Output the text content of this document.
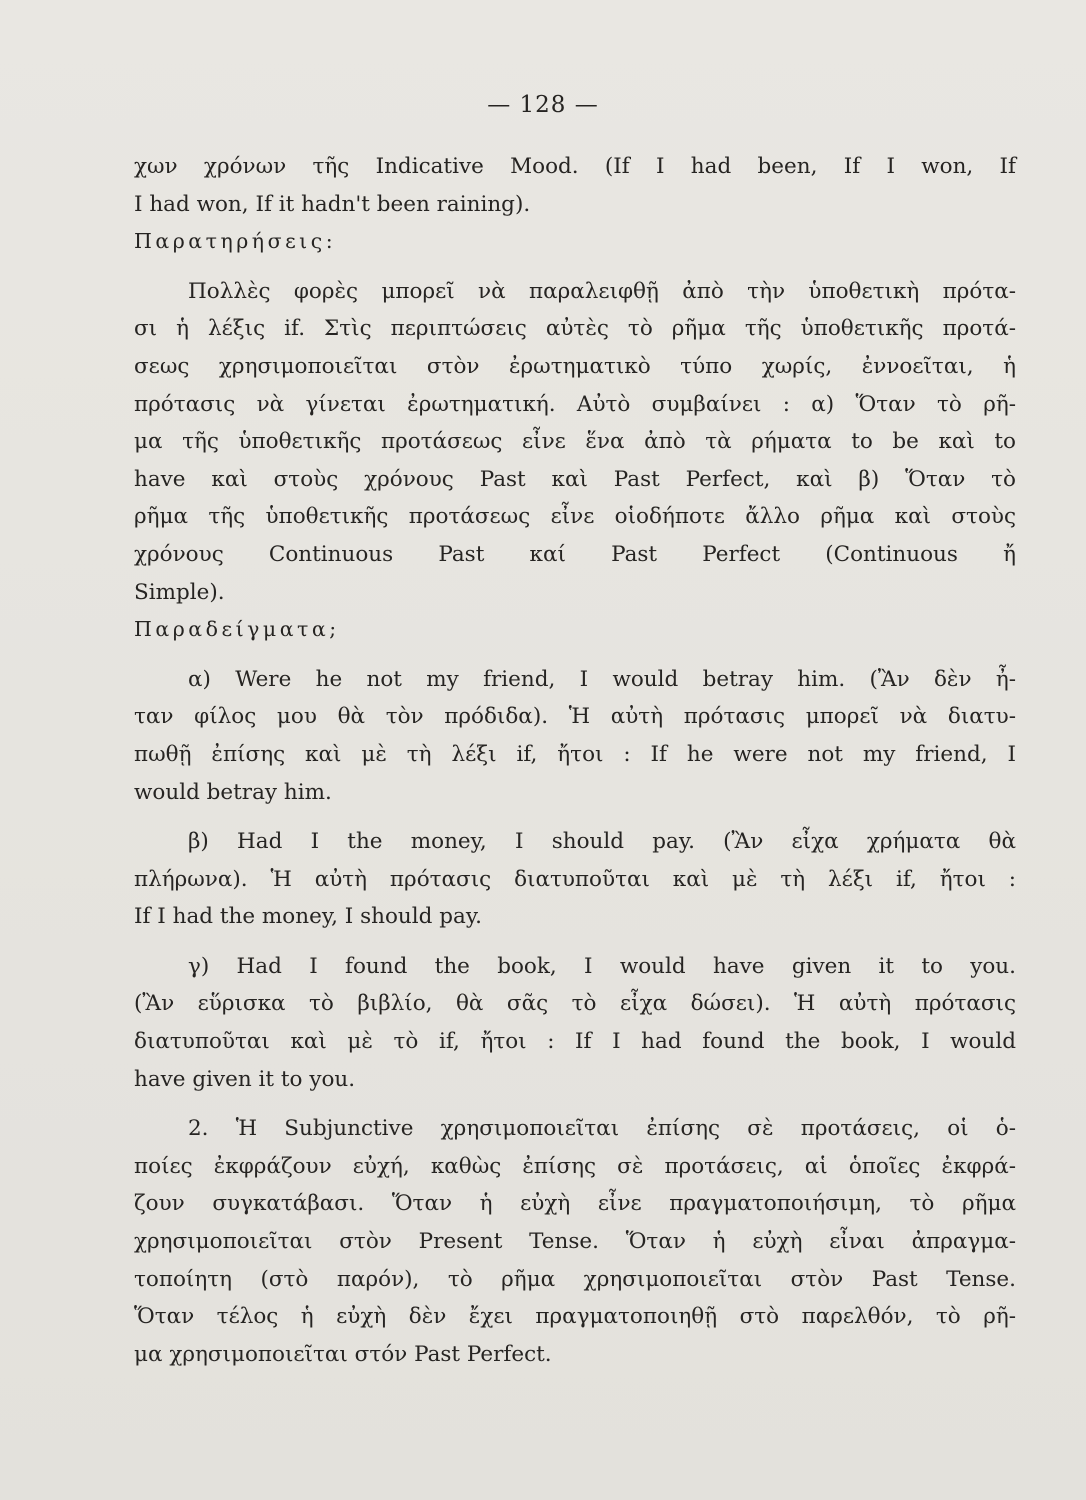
— 128 —

χων χρόνων τῆς Indicative Mood. (If I had been, If I won, If
I had won, If it hadn't been raining).

Παρατηρήσεις:

Πολλὲς φορὲς μπορεῖ νὰ παραλειφθῇ ἀπὸ τὴν ὑποθετικὴ πρότα-
σι ἡ λέξις if. Στὶς περιπτώσεις αὐτὲς τὸ ρῆμα τῆς ὑποθετικῆς προτά-
σεως χρησιμοποιεῖται στὸν ἐρωτηματικὸ τύπο χωρίς, ἐννοεῖται, ἡ
πρότασις νὰ γίνεται ἐρωτηματική. Αὐτὸ συμβαίνει : α) Ὅταν τὸ ρῆ-
μα τῆς ὑποθετικῆς προτάσεως εἶνε ἕνα ἀπὸ τὰ ρήματα to be καὶ to
have καὶ στοὺς χρόνους Past καὶ Past Perfect, καὶ β) Ὅταν τὸ
ρῆμα τῆς ὑποθετικῆς προτάσεως εἶνε οἱοδήποτε ἄλλο ρῆμα καὶ στοὺς
χρόνους Continuous Past καί Past Perfect (Continuous ἤ
Simple).

Παραδείγματα;

α) Were he not my friend, I would betray him. (Ἂν δὲν ἦ-
ταν φίλος μου θὰ τὸν πρόδιδα). Ἡ αὐτὴ πρότασις μπορεῖ νὰ διατυ-
πωθῇ ἐπίσης καὶ μὲ τὴ λέξι if, ἤτοι : If he were not my friend, I
would betray him.

β) Had I the money, I should pay. (Ἂν εἶχα χρήματα θὰ
πλήρωνα). Ἡ αὐτὴ πρότασις διατυποῦται καὶ μὲ τὴ λέξι if, ἤτοι :
If I had the money, I should pay.

γ) Had I found the book, I would have given it to you.
(Ἂν εὕρισκα τὸ βιβλίο, θὰ σᾶς τὸ εἶχα δώσει). Ἡ αὐτὴ πρότασις
διατυποῦται καὶ μὲ τὸ if, ἤτοι : If I had found the book, I would
have given it to you.

2. Ἡ Subjunctive χρησιμοποιεῖται ἐπίσης σὲ προτάσεις, οἱ ὁ-
ποίες ἐκφράζουν εὐχή, καθὼς ἐπίσης σὲ προτάσεις, αἱ ὁποῖες ἐκφρά-
ζουν συγκατάβασι. Ὅταν ἡ εὐχὴ εἶνε πραγματοποιήσιμη, τὸ ρῆμα
χρησιμοποιεῖται στὸν Present Tense. Ὅταν ἡ εὐχὴ εἶναι ἀπραγμα-
τοποίητη (στὸ παρόν), τὸ ρῆμα χρησιμοποιεῖται στὸν Past Tense.
Ὅταν τέλος ἡ εὐχὴ δὲν ἔχει πραγματοποιηθῇ στὸ παρελθόν, τὸ ρῆ-
μα χρησιμοποιεῖται στόν Past Perfect.
